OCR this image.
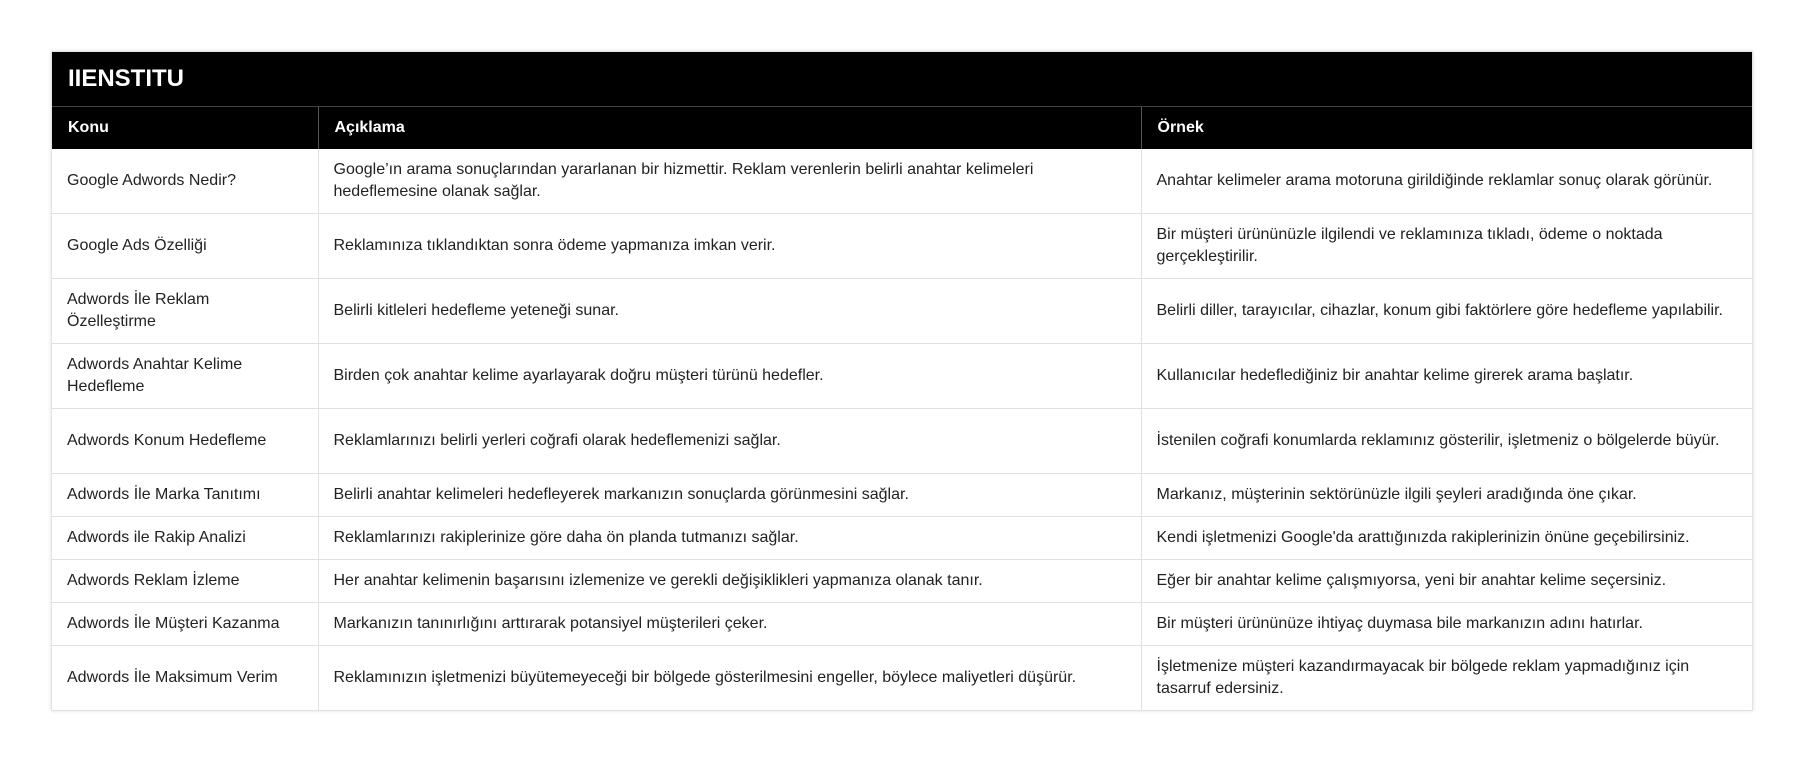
IIENSTITU
Konu	Açıklama	Örnek
Google Adwords Nedir?	Google’ın arama sonuçlarından yararlanan bir hizmettir. Reklam verenlerin belirli anahtar kelimeleri hedeflemesine olanak sağlar.	Anahtar kelimeler arama motoruna girildiğinde reklamlar sonuç olarak görünür.
Google Ads Özelliği	Reklamınıza tıklandıktan sonra ödeme yapmanıza imkan verir.	Bir müşteri ürününüzle ilgilendi ve reklamınıza tıkladı, ödeme o noktada gerçekleştirilir.
Adwords İle Reklam Özelleştirme	Belirli kitleleri hedefleme yeteneği sunar.	Belirli diller, tarayıcılar, cihazlar, konum gibi faktörlere göre hedefleme yapılabilir.
Adwords Anahtar Kelime Hedefleme	Birden çok anahtar kelime ayarlayarak doğru müşteri türünü hedefler.	Kullanıcılar hedeflediğiniz bir anahtar kelime girerek arama başlatır.
Adwords Konum Hedefleme	Reklamlarınızı belirli yerleri coğrafi olarak hedeflemenizi sağlar.	İstenilen coğrafi konumlarda reklamınız gösterilir, işletmeniz o bölgelerde büyür.
Adwords İle Marka Tanıtımı	Belirli anahtar kelimeleri hedefleyerek markanızın sonuçlarda görünmesini sağlar.	Markanız, müşterinin sektörünüzle ilgili şeyleri aradığında öne çıkar.
Adwords ile Rakip Analizi	Reklamlarınızı rakiplerinize göre daha ön planda tutmanızı sağlar.	Kendi işletmenizi Google'da arattığınızda rakiplerinizin önüne geçebilirsiniz.
Adwords Reklam İzleme	Her anahtar kelimenin başarısını izlemenize ve gerekli değişiklikleri yapmanıza olanak tanır.	Eğer bir anahtar kelime çalışmıyorsa, yeni bir anahtar kelime seçersiniz.
Adwords İle Müşteri Kazanma	Markanızın tanınırlığını arttırarak potansiyel müşterileri çeker.	Bir müşteri ürününüze ihtiyaç duymasa bile markanızın adını hatırlar.
Adwords İle Maksimum Verim	Reklamınızın işletmenizi büyütemeyeceği bir bölgede gösterilmesini engeller, böylece maliyetleri düşürür.	İşletmenize müşteri kazandırmayacak bir bölgede reklam yapmadığınız için tasarruf edersiniz.
